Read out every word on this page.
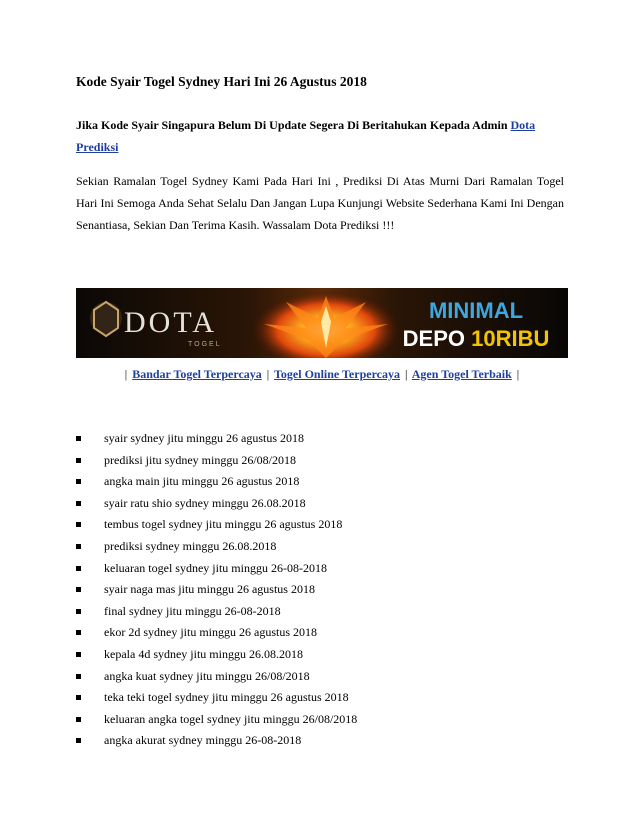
Kode Syair Togel Sydney Hari Ini 26 Agustus 2018

Jika Kode Syair Singapura Belum Di Update Segera Di Beritahukan Kepada Admin Dota Prediksi

Sekian Ramalan Togel Sydney Kami Pada Hari Ini , Prediksi Di Atas Murni Dari Ramalan Togel Hari Ini Semoga Anda Sehat Selalu Dan Jangan Lupa Kunjungi Website Sederhana Kami Ini Dengan Senantiasa, Sekian Dan Terima Kasih. Wassalam Dota Prediksi !!!

DOTA
TOGEL
MINIMAL
DEPO 10RIBU
| Bandar Togel Terpercaya | Togel Online Terpercaya | Agen Togel Terbaik |
syair sydney jitu minggu 26 agustus 2018
prediksi jitu sydney minggu 26/08/2018
angka main jitu minggu 26 agustus 2018
syair ratu shio sydney minggu 26.08.2018
tembus togel sydney jitu minggu 26 agustus 2018
prediksi sydney minggu 26.08.2018
keluaran togel sydney jitu minggu 26-08-2018
syair naga mas jitu minggu 26 agustus 2018
final sydney jitu minggu 26-08-2018
ekor 2d sydney jitu minggu 26 agustus 2018
kepala 4d sydney jitu minggu 26.08.2018
angka kuat sydney jitu minggu 26/08/2018
teka teki togel sydney jitu minggu 26 agustus 2018
keluaran angka togel sydney jitu minggu 26/08/2018
angka akurat sydney minggu 26-08-2018
